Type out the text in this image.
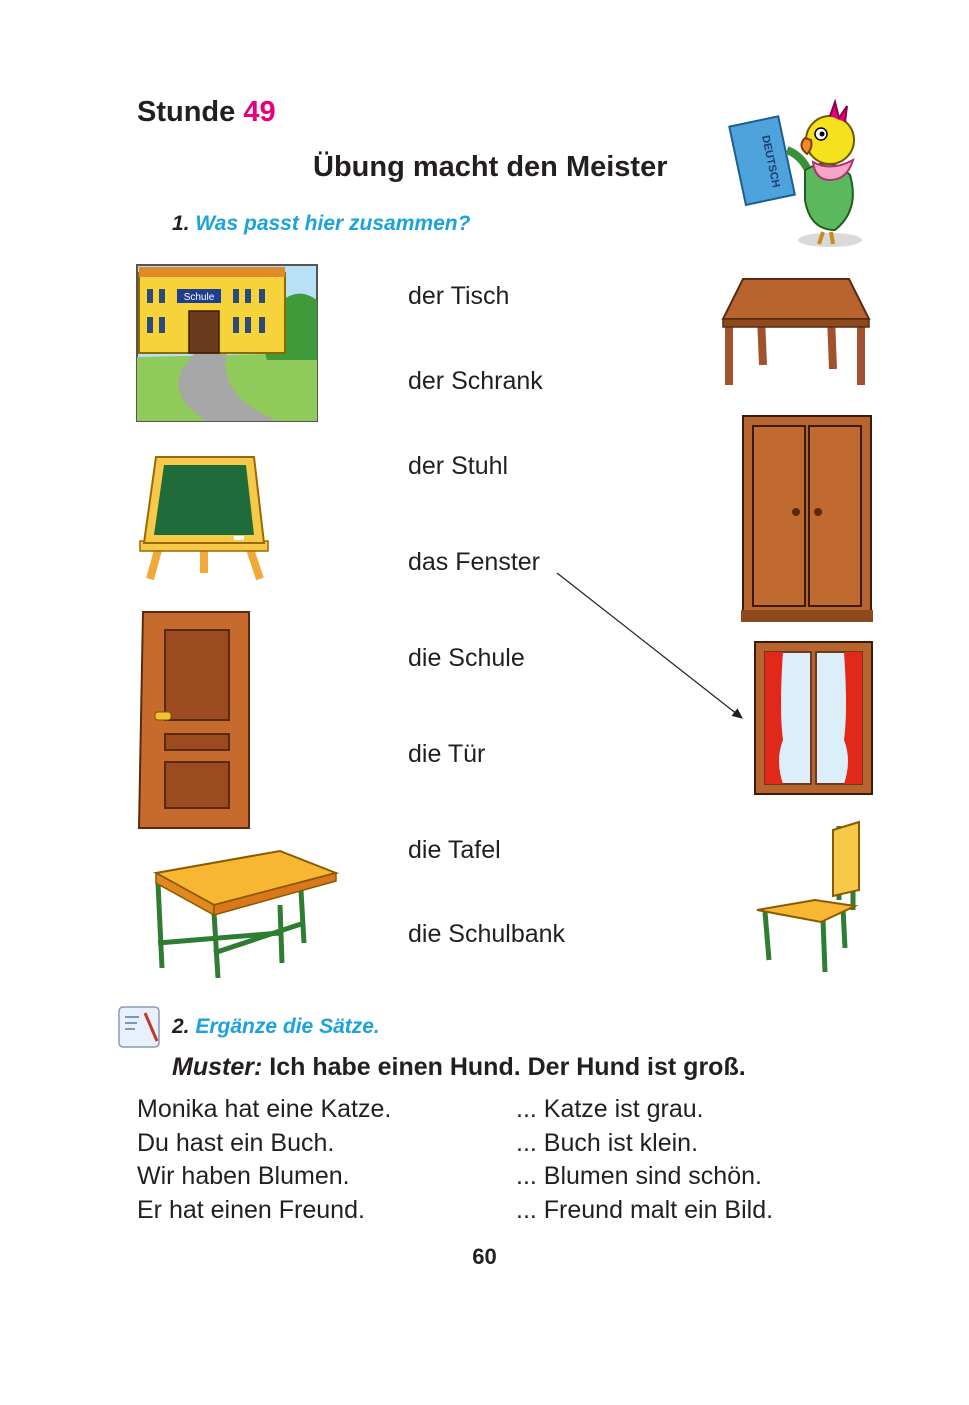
Stunde 49
Übung macht den Meister	DEUTSCH
1. Was passt hier zusammen?
Schule	der Tisch
der Schrank
der Stuhl
das Fenster
die Schule
die Tür
die Tafel
die Schulbank
2. Ergänze die Sätze.
Muster: Ich habe einen Hund. Der Hund ist groß.
Monika hat eine Katze.	... Katze ist grau.
Du hast ein Buch.	... Buch ist klein.
Wir haben Blumen.	... Blumen sind schön.
Er hat einen Freund.	... Freund malt ein Bild.
60
